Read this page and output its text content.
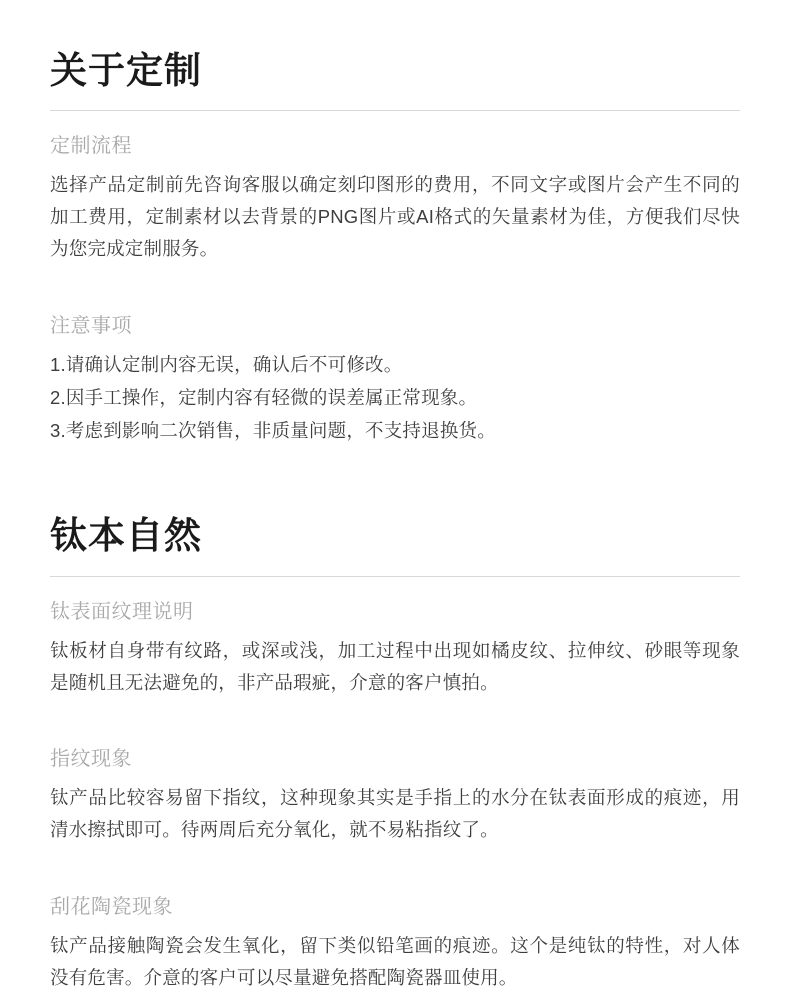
关于定制
定制流程

选择产品定制前先咨询客服以确定刻印图形的费用，不同文字或图片会产生不同的加工费用，定制素材以去背景的PNG图片或AI格式的矢量素材为佳，方便我们尽快为您完成定制服务。

注意事项

1.请确认定制内容无误，确认后不可修改。

2.因手工操作，定制内容有轻微的误差属正常现象。

3.考虑到影响二次销售，非质量问题，不支持退换货。

钛本自然
钛表面纹理说明

钛板材自身带有纹路，或深或浅，加工过程中出现如橘皮纹、拉伸纹、砂眼等现象是随机且无法避免的，非产品瑕疵，介意的客户慎拍。

指纹现象

钛产品比较容易留下指纹，这种现象其实是手指上的水分在钛表面形成的痕迹，用清水擦拭即可。待两周后充分氧化，就不易粘指纹了。

刮花陶瓷现象

钛产品接触陶瓷会发生氧化，留下类似铅笔画的痕迹。这个是纯钛的特性，对人体没有危害。介意的客户可以尽量避免搭配陶瓷器皿使用。
